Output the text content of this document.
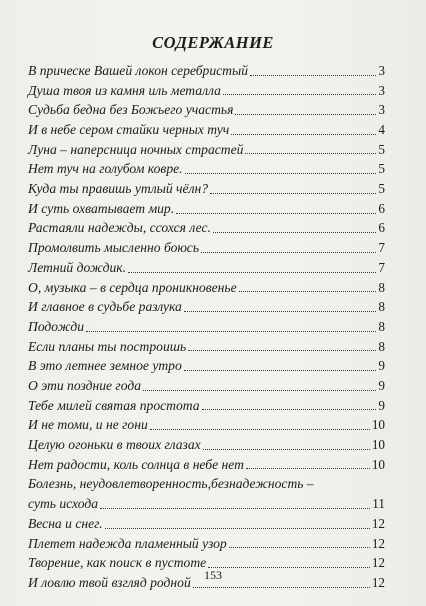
СОДЕРЖАНИЕ
В прическе Вашей локон серебристый	3
Душа твоя из камня иль металла	3
Судьба бедна без Божьего участья	3
И в небе сером стайки черных туч	4
Луна – наперсница ночных страстей	5
Нет туч на голубом ковре.	5
Куда ты правишь утлый чёлн?	5
И суть охватывает мир.	6
Растаяли надежды, ссохся лес.	6
Промолвить мысленно боюсь	7
Летний дождик.	7
О, музыка – в сердца проникновенье	8
И главное в судьбе разлука	8
Подожди	8
Если планы ты построишь	8
В это летнее земное утро	9
О эти поздние года	9
Тебе милей святая простота	9
И не томи, и не гони	10
Целую огоньки в твоих глазах	10
Нет радости, коль солнца в небе нет	10
Болезнь, неудовлетворенность,безнадежность –
суть исхода	11
Весна и снег.	12
Плетет надежда пламенный узор	12
Творение, как поиск в пустоте	12
И ловлю твой взгляд родной	12
153
